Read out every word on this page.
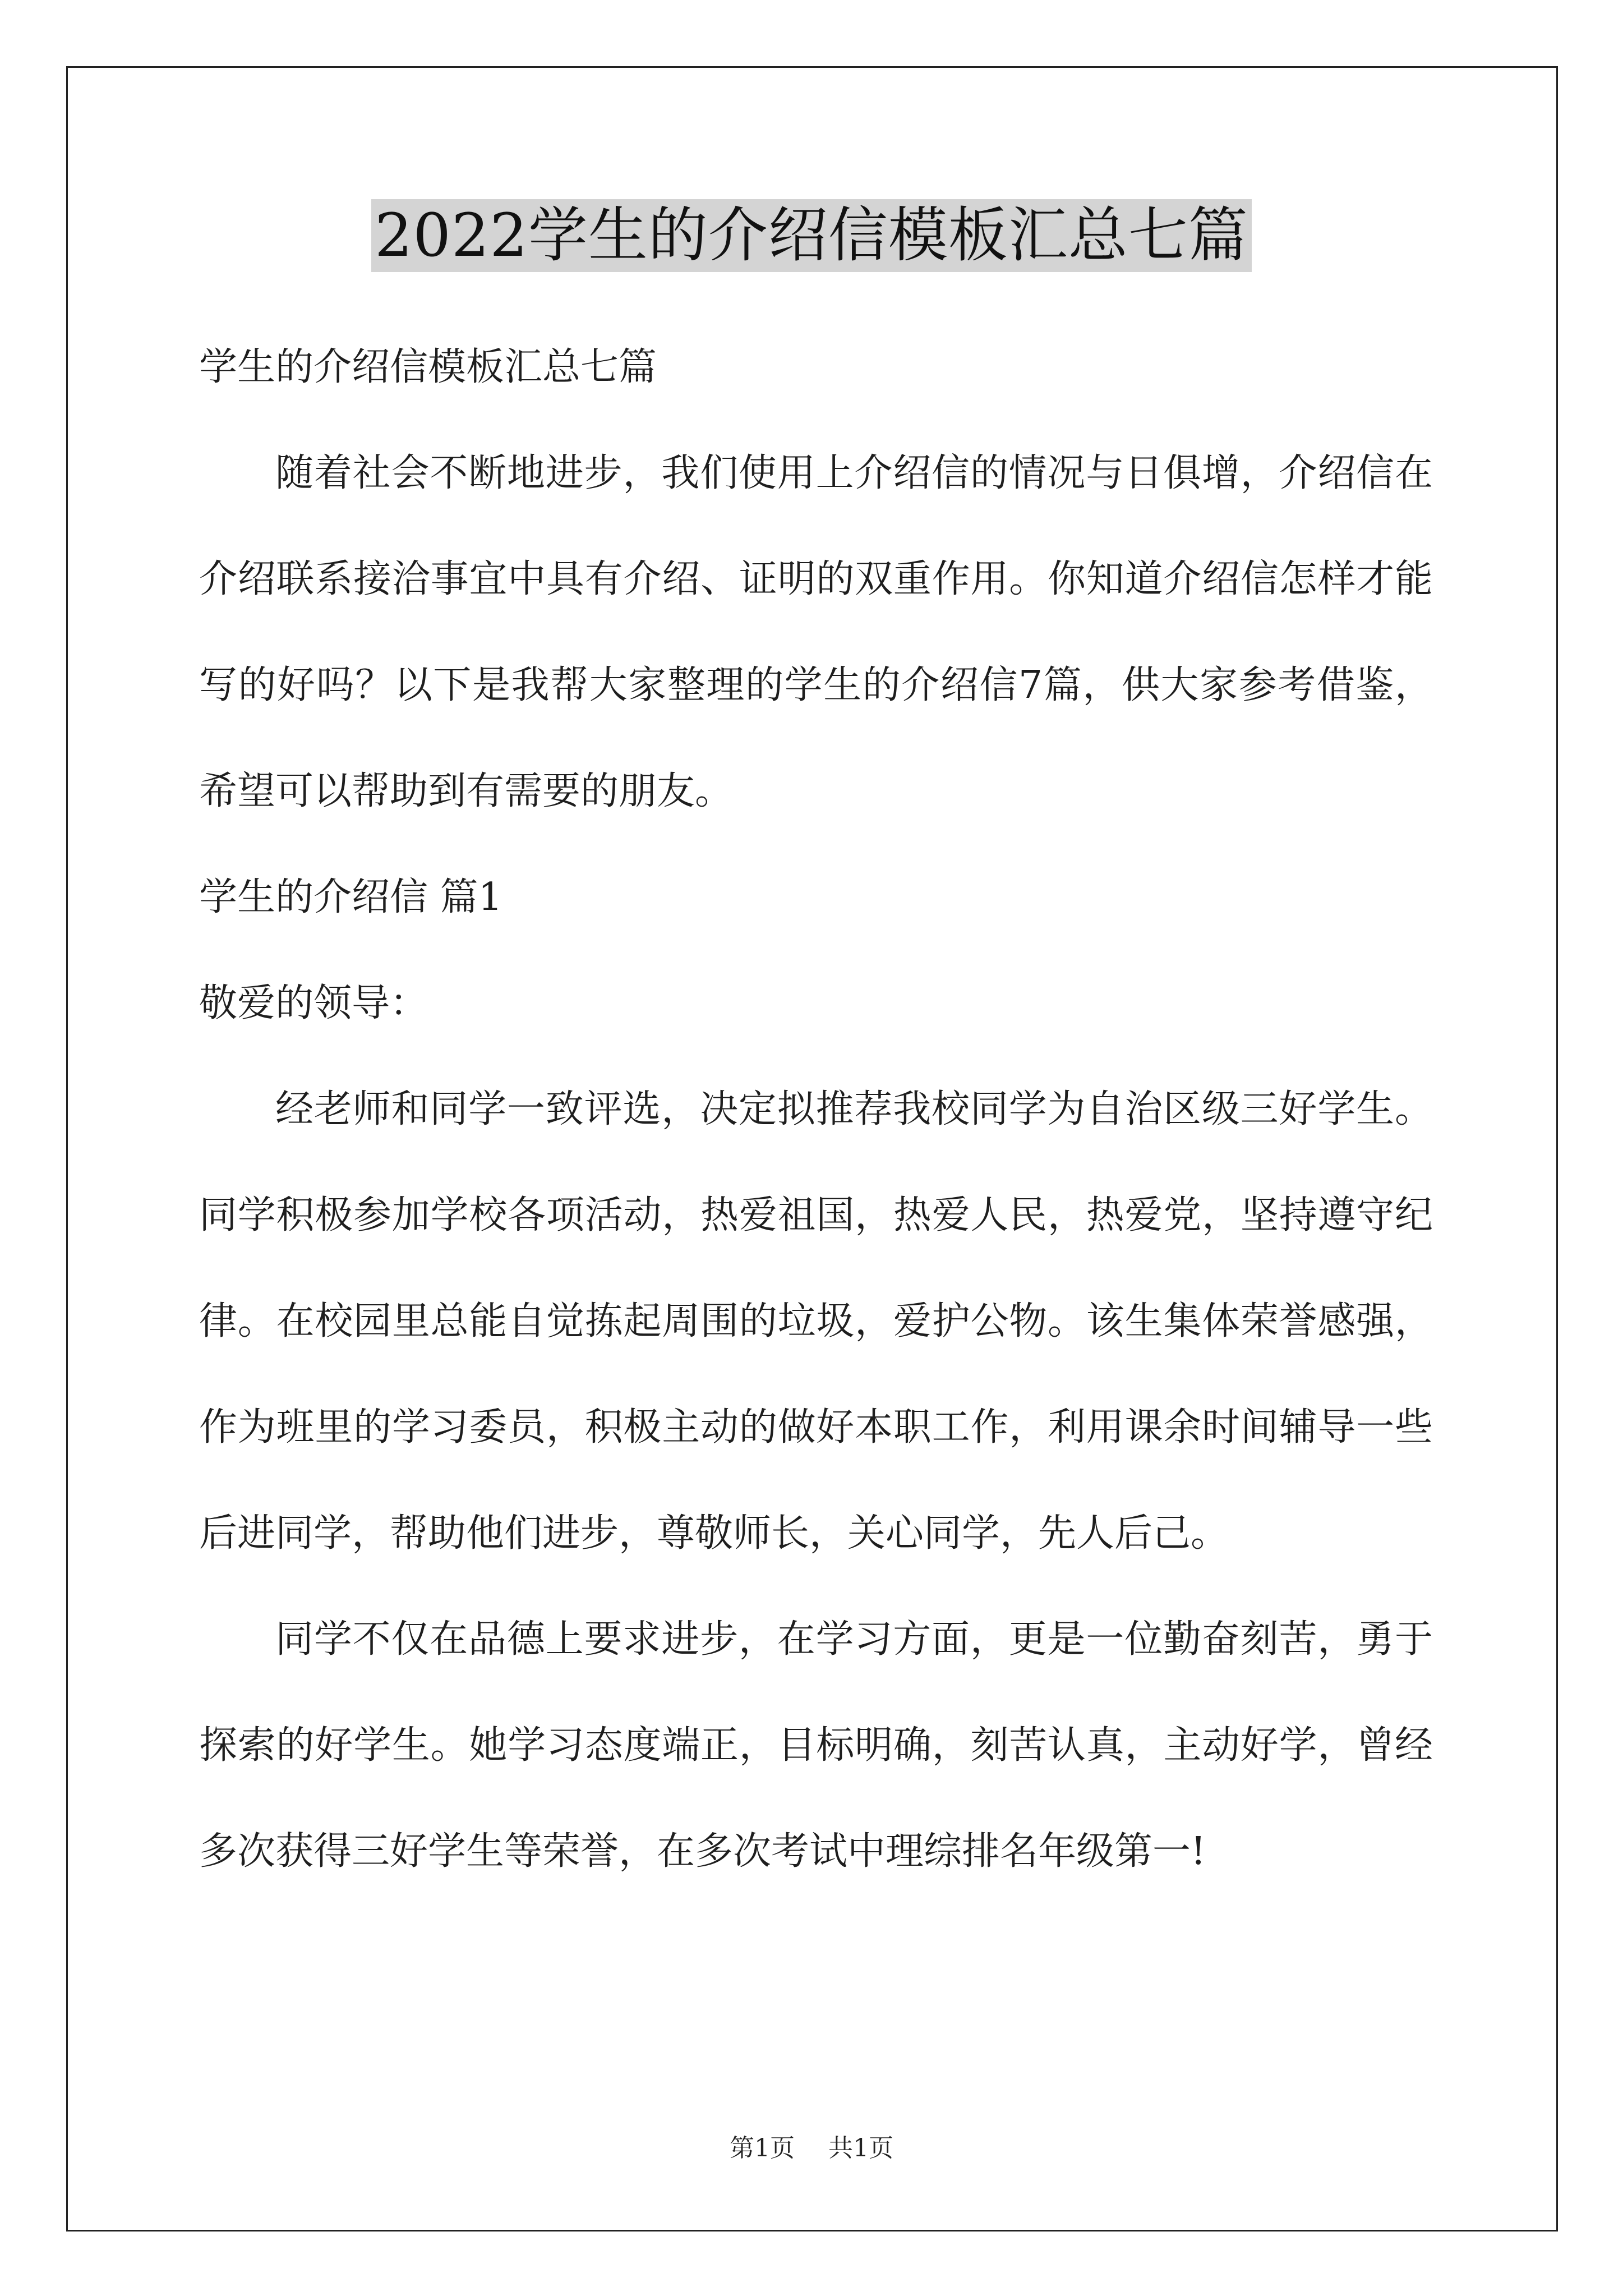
2022学生的介绍信模板汇总七篇

学生的介绍信模板汇总七篇

随着社会不断地进步，我们使用上介绍信的情况与日俱增，介绍信在介绍联系接洽事宜中具有介绍、证明的双重作用。你知道介绍信怎样才能写的好吗？以下是我帮大家整理的学生的介绍信7篇，供大家参考借鉴，希望可以帮助到有需要的朋友。

学生的介绍信 篇1

敬爱的领导：

经老师和同学一致评选，决定拟推荐我校同学为自治区级三好学生。 同学积极参加学校各项活动，热爱祖国，热爱人民，热爱党，坚持遵守纪律。在校园里总能自觉拣起周围的垃圾，爱护公物。该生集体荣誉感强，作为班里的学习委员，积极主动的做好本职工作，利用课余时间辅导一些后进同学，帮助他们进步，尊敬师长，关心同学，先人后己。

同学不仅在品德上要求进步，在学习方面，更是一位勤奋刻苦，勇于探索的好学生。她学习态度端正，目标明确，刻苦认真，主动好学，曾经多次获得三好学生等荣誉，在多次考试中理综排名年级第一!

第1页 共1页
